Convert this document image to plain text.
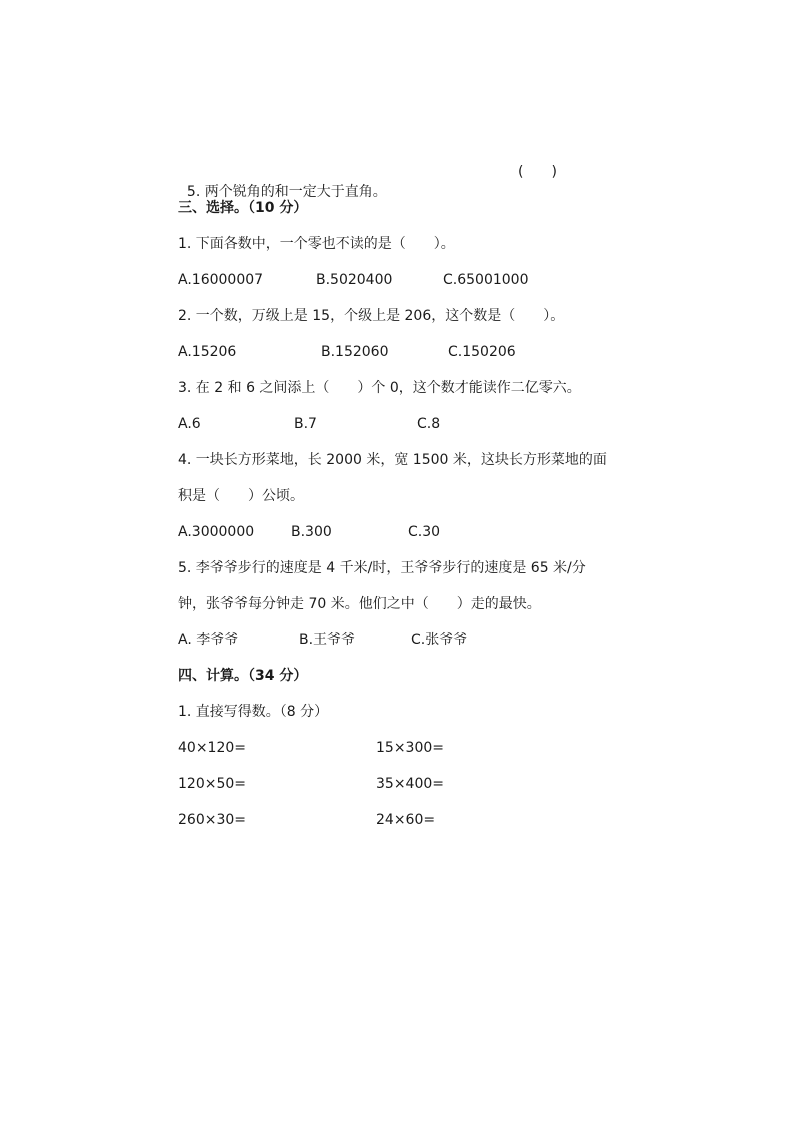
5. 两个锐角的和一定大于直角。

(　　)
三、选择。（10 分）
1. 下面各数中，一个零也不读的是（　　）。
A.16000007	B.5020400	C.65001000
2. 一个数，万级上是 15，个级上是 206，这个数是（　　）。
A.15206	B.152060	C.150206
3. 在 2 和 6 之间添上（　　）个 0，这个数才能读作二亿零六。
A.6	B.7	C.8
4. 一块长方形菜地，长 2000 米，宽 1500 米，这块长方形菜地的面
积是（　　）公顷。
A.3000000	B.300	C.30
5. 李爷爷步行的速度是 4 千米/时，王爷爷步行的速度是 65 米/分
钟，张爷爷每分钟走 70 米。他们之中（　　）走的最快。
A. 李爷爷	B.王爷爷	C.张爷爷
四、计算。（34 分）
1. 直接写得数。（8 分）
40×120=	15×300=
120×50=	35×400=
260×30=	24×60=
